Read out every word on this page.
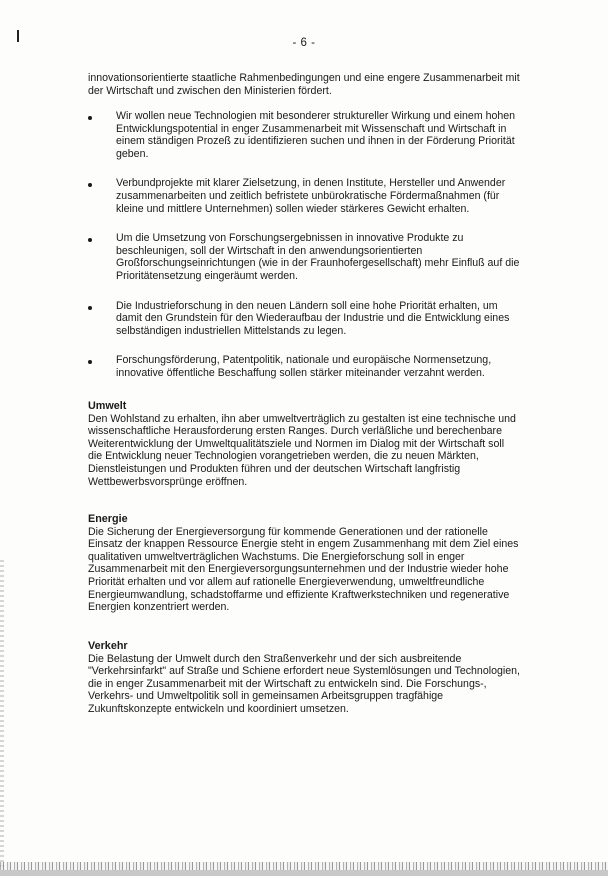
- 6 -
innovationsorientierte staatliche Rahmenbedingungen und eine engere Zusammenarbeit mit der Wirtschaft und zwischen den Ministerien fördert.
Wir wollen neue Technologien mit besonderer struktureller Wirkung und einem hohen Entwicklungspotential in enger Zusammenarbeit mit Wissenschaft und Wirtschaft in einem ständigen Prozeß zu identifizieren suchen und ihnen in der Förderung Priorität geben.
Verbundprojekte mit klarer Zielsetzung, in denen Institute, Hersteller und Anwender zusammenarbeiten und zeitlich befristete unbürokratische Fördermaßnahmen (für kleine und mittlere Unternehmen) sollen wieder stärkeres Gewicht erhalten.
Um die Umsetzung von Forschungsergebnissen in innovative Produkte zu beschleunigen, soll der Wirtschaft in den anwendungsorientierten Großforschungseinrichtungen (wie in der Fraunhofergesellschaft) mehr Einfluß auf die Prioritätensetzung eingeräumt werden.
Die Industrieforschung in den neuen Ländern soll eine hohe Priorität erhalten, um damit den Grundstein für den Wiederaufbau der Industrie und die Entwicklung eines selbständigen industriellen Mittelstands zu legen.
Forschungsförderung, Patentpolitik, nationale und europäische Normensetzung, innovative öffentliche Beschaffung sollen stärker miteinander verzahnt werden.
Umwelt
Den Wohlstand zu erhalten, ihn aber umweltverträglich zu gestalten ist eine technische und wissenschaftliche Herausforderung ersten Ranges. Durch verläßliche und berechenbare Weiterentwicklung der Umweltqualitätsziele und Normen im Dialog mit der Wirtschaft soll die Entwicklung neuer Technologien vorangetrieben werden, die zu neuen Märkten, Dienstleistungen und Produkten führen und der deutschen Wirtschaft langfristig Wettbewerbsvorsprünge eröffnen.
Energie
Die Sicherung der Energieversorgung für kommende Generationen und der rationelle Einsatz der knappen Ressource Energie steht in engem Zusammenhang mit dem Ziel eines qualitativen umweltverträglichen Wachstums. Die Energieforschung soll in enger Zusammenarbeit mit den Energieversorgungsunternehmen und der Industrie wieder hohe Priorität erhalten und vor allem auf rationelle Energieverwendung, umweltfreundliche Energieumwandlung, schadstoffarme und effiziente Kraftwerkstechniken und regenerative Energien konzentriert werden.
Verkehr
Die Belastung der Umwelt durch den Straßenverkehr und der sich ausbreitende "Verkehrsinfarkt" auf Straße und Schiene erfordert neue Systemlösungen und Technologien, die in enger Zusammenarbeit mit der Wirtschaft zu entwickeln sind. Die Forschungs-, Verkehrs- und Umweltpolitik soll in gemeinsamen Arbeitsgruppen tragfähige Zukunftskonzepte entwickeln und koordiniert umsetzen.
